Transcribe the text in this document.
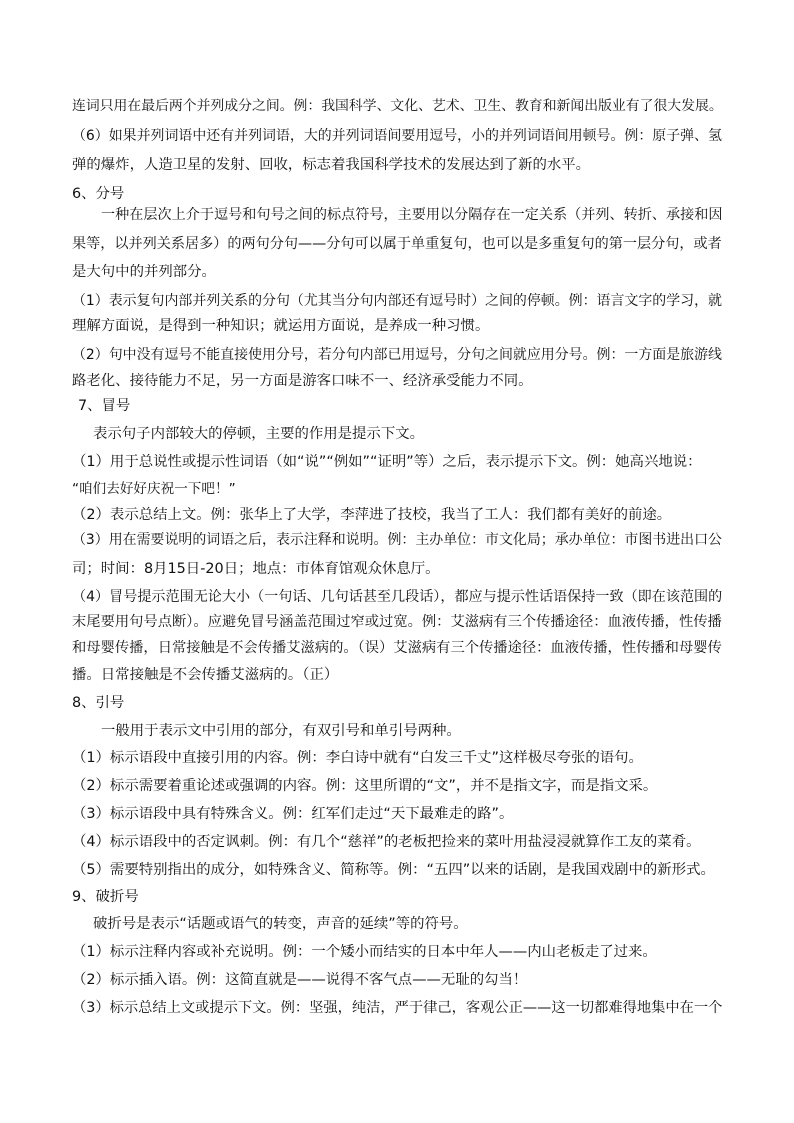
连词只用在最后两个并列成分之间。例：我国科学、文化、艺术、卫生、教育和新闻出版业有了很大发展。
（6）如果并列词语中还有并列词语，大的并列词语间要用逗号，小的并列词语间用顿号。例：原子弹、氢
弹的爆炸，人造卫星的发射、回收，标志着我国科学技术的发展达到了新的水平。
6、分号
一种在层次上介于逗号和句号之间的标点符号，主要用以分隔存在一定关系（并列、转折、承接和因
果等，以并列关系居多）的两句分句——分句可以属于单重复句，也可以是多重复句的第一层分句，或者
是大句中的并列部分。
（1）表示复句内部并列关系的分句（尤其当分句内部还有逗号时）之间的停顿。例：语言文字的学习，就
理解方面说，是得到一种知识；就运用方面说，是养成一种习惯。
（2）句中没有逗号不能直接使用分号，若分句内部已用逗号，分句之间就应用分号。例：一方面是旅游线
路老化、接待能力不足，另一方面是游客口味不一、经济承受能力不同。
7、冒号
表示句子内部较大的停顿，主要的作用是提示下文。
（1）用于总说性或提示性词语（如“说”“例如”“证明”等）之后，表示提示下文。例：她高兴地说：
“咱们去好好庆祝一下吧！”
（2）表示总结上文。例：张华上了大学，李萍进了技校，我当了工人：我们都有美好的前途。
（3）用在需要说明的词语之后，表示注释和说明。例：主办单位：市文化局；承办单位：市图书进出口公
司；时间：8月15日-20日；地点：市体育馆观众休息厅。
（4）冒号提示范围无论大小（一句话、几句话甚至几段话），都应与提示性话语保持一致（即在该范围的
末尾要用句号点断）。应避免冒号涵盖范围过窄或过宽。例：艾滋病有三个传播途径：血液传播，性传播
和母婴传播，日常接触是不会传播艾滋病的。（误）艾滋病有三个传播途径：血液传播，性传播和母婴传
播。日常接触是不会传播艾滋病的。（正）
8、引号
一般用于表示文中引用的部分，有双引号和单引号两种。
（1）标示语段中直接引用的内容。例：李白诗中就有“白发三千丈”这样极尽夸张的语句。
（2）标示需要着重论述或强调的内容。例：这里所谓的“文”，并不是指文字，而是指文采。
（3）标示语段中具有特殊含义。例：红军们走过“天下最难走的路”。
（4）标示语段中的否定讽刺。例：有几个“慈祥”的老板把捡来的菜叶用盐浸浸就算作工友的菜肴。
（5）需要特别指出的成分，如特殊含义、简称等。例：“五四”以来的话剧，是我国戏剧中的新形式。
9、破折号
破折号是表示“话题或语气的转变，声音的延续”等的符号。
（1）标示注释内容或补充说明。例：一个矮小而结实的日本中年人——内山老板走了过来。
（2）标示插入语。例：这简直就是——说得不客气点——无耻的勾当！
（3）标示总结上文或提示下文。例：坚强，纯洁，严于律己，客观公正——这一切都难得地集中在一个
